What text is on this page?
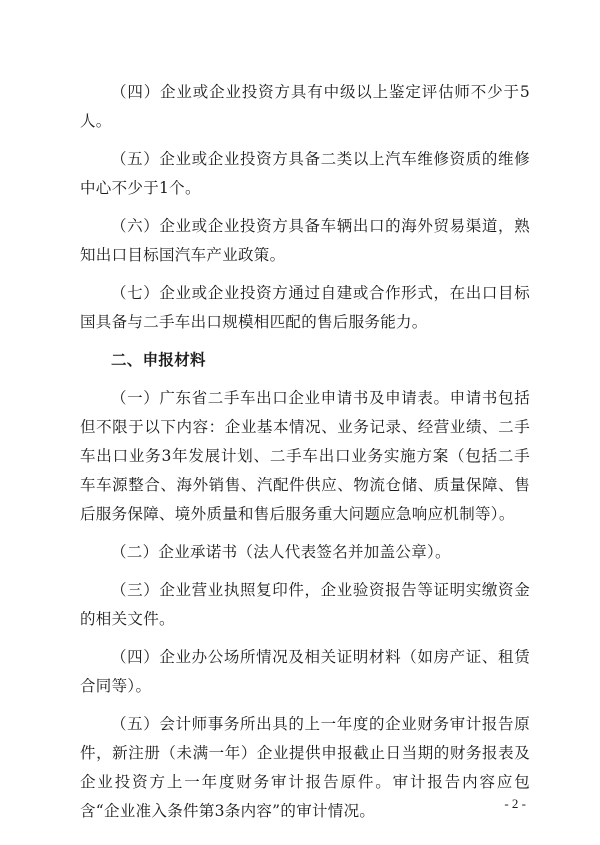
（四）企业或企业投资方具有中级以上鉴定评估师不少于5人。

（五）企业或企业投资方具备二类以上汽车维修资质的维修中心不少于1个。

（六）企业或企业投资方具备车辆出口的海外贸易渠道，熟知出口目标国汽车产业政策。

（七）企业或企业投资方通过自建或合作形式，在出口目标国具备与二手车出口规模相匹配的售后服务能力。

二、申报材料

（一）广东省二手车出口企业申请书及申请表。申请书包括但不限于以下内容：企业基本情况、业务记录、经营业绩、二手车出口业务3年发展计划、二手车出口业务实施方案（包括二手车车源整合、海外销售、汽配件供应、物流仓储、质量保障、售后服务保障、境外质量和售后服务重大问题应急响应机制等）。

（二）企业承诺书（法人代表签名并加盖公章）。

（三）企业营业执照复印件，企业验资报告等证明实缴资金的相关文件。

（四）企业办公场所情况及相关证明材料（如房产证、租赁合同等）。

（五）会计师事务所出具的上一年度的企业财务审计报告原件，新注册（未满一年）企业提供申报截止日当期的财务报表及企业投资方上一年度财务审计报告原件。审计报告内容应包含“企业准入条件第3条内容”的审计情况。	- 2 -
